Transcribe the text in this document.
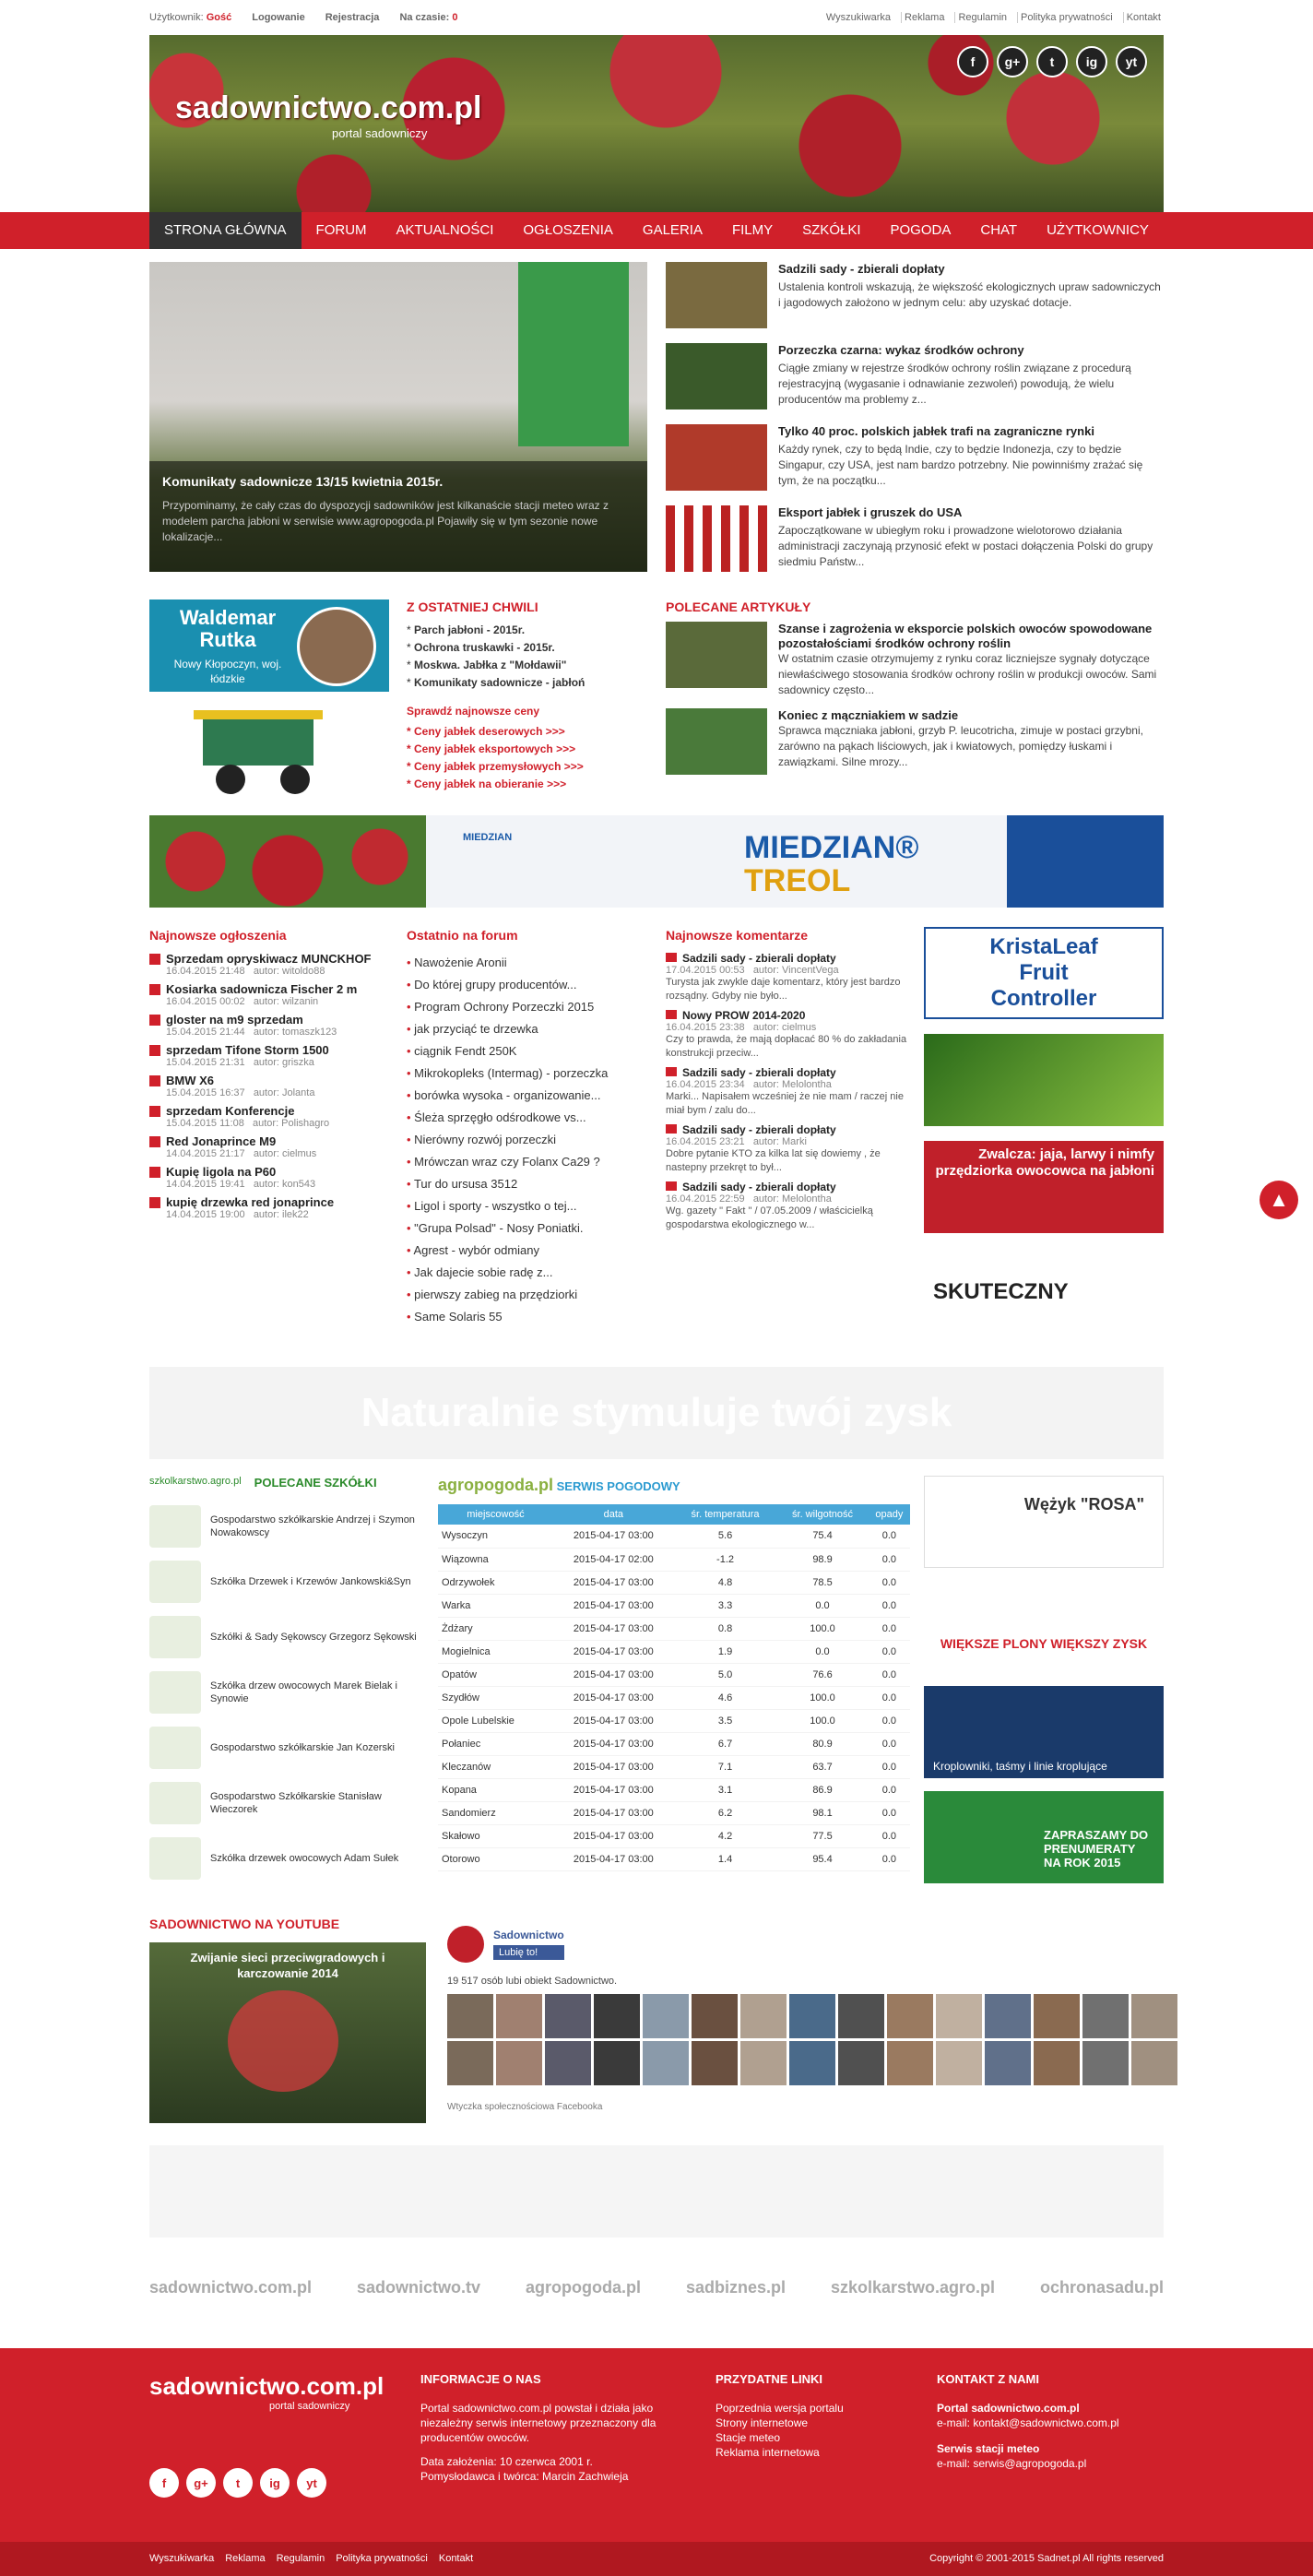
Użytkownik: Gość Logowanie Rejestracja Na czasie: 0	Wyszukiwarka	Reklama	Regulamin	Polityka prywatności	Kontakt
sadownictwo.com.pl
portal sadowniczy
f	g+	t	ig	yt
STRONA GŁÓWNA	FORUM	AKTUALNOŚCI	OGŁOSZENIA	GALERIA	FILMY	SZKÓŁKI	POGODA	CHAT	UŻYTKOWNICY
Komunikaty sadownicze 13/15 kwietnia 2015r.

Przypominamy, że cały czas do dyspozycji sadowników jest kilkanaście stacji meteo wraz z modelem parcha jabłoni w serwisie www.agropogoda.pl Pojawiły się w tym sezonie nowe lokalizacje...

Sadzili sady - zbierali dopłaty

Ustalenia kontroli wskazują, że większość ekologicznych upraw sadowniczych i jagodowych założono w jednym celu: aby uzyskać dotacje.

Porzeczka czarna: wykaz środków ochrony

Ciągłe zmiany w rejestrze środków ochrony roślin związane z procedurą rejestracyjną (wygasanie i odnawianie zezwoleń) powodują, że wielu producentów ma problemy z...

Tylko 40 proc. polskich jabłek trafi na zagraniczne rynki

Każdy rynek, czy to będą Indie, czy to będzie Indonezja, czy to będzie Singapur, czy USA, jest nam bardzo potrzebny. Nie powinniśmy zrażać się tym, że na początku...

Eksport jabłek i gruszek do USA

Zapoczątkowane w ubiegłym roku i prowadzone wielotorowo działania administracji zaczynają przynosić efekt w postaci dołączenia Polski do grupy siedmiu Państw...

Waldemar Rutka
Nowy Kłopoczyn, woj. łódzkie
Z OSTATNIEJ CHWILI
* Parch jabłoni - 2015r.
* Ochrona truskawki - 2015r.
* Moskwa. Jabłka z "Mołdawii"
* Komunikaty sadownicze - jabłoń
Sprawdź najnowsze ceny
* Ceny jabłek deserowych >>>
* Ceny jabłek eksportowych >>>
* Ceny jabłek przemysłowych >>>
* Ceny jabłek na obieranie >>>
POLECANE ARTYKUŁY
Szanse i zagrożenia w eksporcie polskich owoców spowodowane pozostałościami środków ochrony roślin

W ostatnim czasie otrzymujemy z rynku coraz liczniejsze sygnały dotyczące niewłaściwego stosowania środków ochrony roślin w produkcji owoców. Sami sadownicy często...

Koniec z mączniakiem w sadzie

Sprawca mączniaka jabłoni, grzyb P. leucotricha, zimuje w postaci grzybni, zarówno na pąkach liściowych, jak i kwiatowych, pomiędzy łuskami i zawiązkami. Silne mrozy...

MIEDZIAN	MIEDZIAN®
TREOL
Najnowsze ogłoszenia
Sprzedam opryskiwacz MUNCKHOF
16.04.2015 21:48 autor: witoldo88
Kosiarka sadownicza Fischer 2 m
16.04.2015 00:02 autor: wilzanin
gloster na m9 sprzedam
15.04.2015 21:44 autor: tomaszk123
sprzedam Tifone Storm 1500
15.04.2015 21:31 autor: griszka
BMW X6
15.04.2015 16:37 autor: Jolanta
sprzedam Konferencje
15.04.2015 11:08 autor: Polishagro
Red Jonaprince M9
14.04.2015 21:17 autor: cielmus
Kupię ligola na P60
14.04.2015 19:41 autor: kon543
kupię drzewka red jonaprince
14.04.2015 19:00 autor: ilek22
Ostatnio na forum
• Nawożenie Aronii
• Do której grupy producentów...
• Program Ochrony Porzeczki 2015
• jak przyciąć te drzewka
• ciągnik Fendt 250K
• Mikrokopleks (Intermag) - porzeczka
• borówka wysoka - organizowanie...
• Śleża sprzęgło odśrodkowe vs...
• Nierówny rozwój porzeczki
• Mrówczan wraz czy Folanx Ca29 ?
• Tur do ursusa 3512
• Ligol i sporty - wszystko o tej...
• "Grupa Polsad" - Nosy Poniatki.
• Agrest - wybór odmiany
• Jak dajecie sobie radę z...
• pierwszy zabieg na przędziorki
• Same Solaris 55
Najnowsze komentarze
Sadzili sady - zbierali dopłaty
17.04.2015 00:53 autor: VincentVega

Turysta jak zwykle daje komentarz, który jest bardzo rozsądny. Gdyby nie było...

Nowy PROW 2014-2020
16.04.2015 23:38 autor: cielmus

Czy to prawda, że mają dopłacać 80 % do zakładania konstrukcji przeciw...

Sadzili sady - zbierali dopłaty
16.04.2015 23:34 autor: Melolontha

Marki... Napisałem wcześniej że nie mam / raczej nie miał bym / zalu do...

Sadzili sady - zbierali dopłaty
16.04.2015 23:21 autor: Marki

Dobre pytanie KTO za kilka lat się dowiemy , że nastepny przekręt to był...

Sadzili sady - zbierali dopłaty
16.04.2015 22:59 autor: Melolontha

Wg. gazety " Fakt " / 07.05.2009 / właścicielką gospodarstwa ekologicznego w...

KristaLeaf
Fruit
Controller
Zwalcza: jaja, larwy i nimfy przędziorka owocowca na jabłoni
SKUTECZNY
▲
Naturalnie stymuluje twój zysk
szkolkarstwo.agro.pl POLECANE SZKÓŁKI
Gospodarstwo szkółkarskie Andrzej i Szymon Nowakowscy
Szkółka Drzewek i Krzewów Jankowski&Syn
Szkółki & Sady Sękowscy Grzegorz Sękowski
Szkółka drzew owocowych Marek Bielak i Synowie
Gospodarstwo szkółkarskie Jan Kozerski
Gospodarstwo Szkółkarskie Stanisław Wieczorek
Szkółka drzewek owocowych Adam Sułek
agropogoda.pl SERWIS POGODOWY
miejscowość	data	śr. temperatura	śr. wilgotność	opady
Wysoczyn	2015-04-17 03:00	5.6	75.4	0.0
Wiązowna	2015-04-17 02:00	-1.2	98.9	0.0
Odrzywołek	2015-04-17 03:00	4.8	78.5	0.0
Warka	2015-04-17 03:00	3.3	0.0	0.0
Żdżary	2015-04-17 03:00	0.8	100.0	0.0
Mogielnica	2015-04-17 03:00	1.9	0.0	0.0
Opatów	2015-04-17 03:00	5.0	76.6	0.0
Szydłów	2015-04-17 03:00	4.6	100.0	0.0
Opole Lubelskie	2015-04-17 03:00	3.5	100.0	0.0
Połaniec	2015-04-17 03:00	6.7	80.9	0.0
Kleczanów	2015-04-17 03:00	7.1	63.7	0.0
Kopana	2015-04-17 03:00	3.1	86.9	0.0
Sandomierz	2015-04-17 03:00	6.2	98.1	0.0
Skałowo	2015-04-17 03:00	4.2	77.5	0.0
Otorowo	2015-04-17 03:00	1.4	95.4	0.0
Wężyk "ROSA"
WIĘKSZE PLONY WIĘKSZY ZYSK
Kroplowniki, taśmy i linie kroplujące
ZAPRASZAMY DO PRENUMERATY NA ROK 2015
SADOWNICTWO NA YOUTUBE
Zwijanie sieci przeciwgradowych i karczowanie 2014
Sadownictwo
Lubię to!
19 517 osób lubi obiekt Sadownictwo.
Wtyczka społecznościowa Facebooka
sadownictwo.com.pl	sadownictwo.tv	agropogoda.pl	sadbiznes.pl	szkolkarstwo.agro.pl	ochronasadu.pl
sadownictwo.com.pl
portal sadowniczy
f	g+	t	ig	yt
INFORMACJE O NAS

Portal sadownictwo.com.pl powstał i działa jako niezależny serwis internetowy przeznaczony dla producentów owoców.

Data założenia: 10 czerwca 2001 r.

Pomysłodawca i twórca: Marcin Zachwieja

PRZYDATNE LINKI

Poprzednia wersja portalu

Strony internetowe

Stacje meteo

Reklama internetowa

KONTAKT Z NAMI

Portal sadownictwo.com.pl

e-mail: kontakt@sadownictwo.com.pl

Serwis stacji meteo

e-mail: serwis@agropogoda.pl

Wyszukiwarka Reklama Regulamin Polityka prywatności Kontakt	Copyright © 2001-2015 Sadnet.pl All rights reserved
